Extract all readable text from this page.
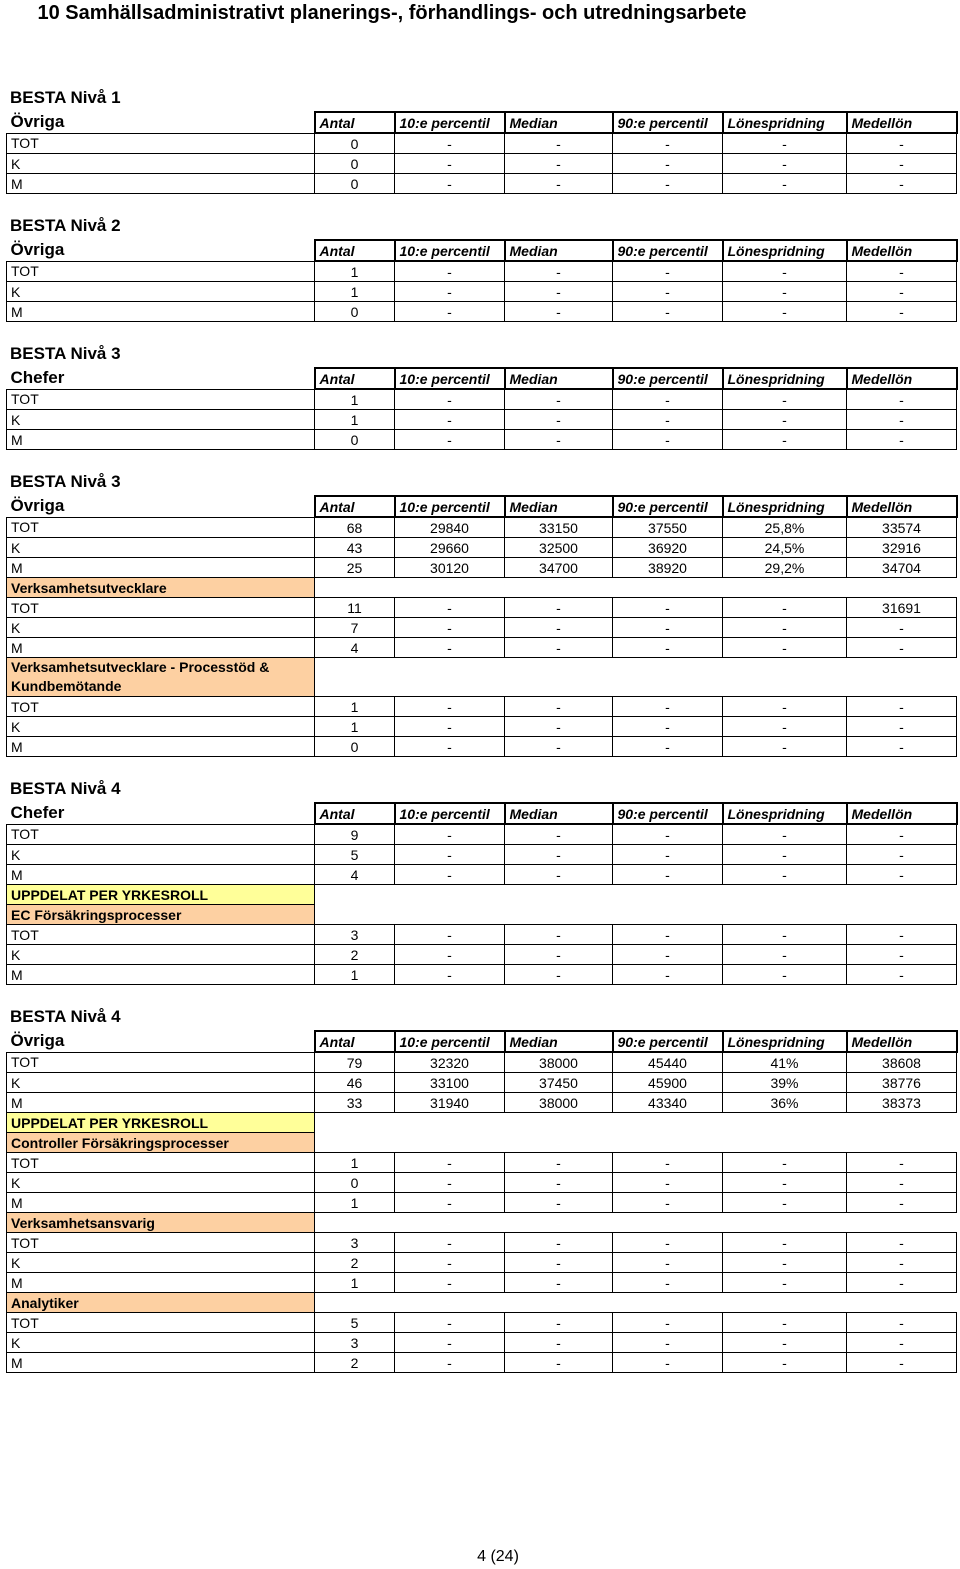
10 Samhällsadministrativt planerings-, förhandlings- och utredningsarbete
BESTA Nivå 1
Övriga	Antal	10:e percentil	Median	90:e percentil	Lönespridning	Medellön
TOT	0	-	-	-	-	-
K	0	-	-	-	-	-
M	0	-	-	-	-	-
BESTA Nivå 2
Övriga	Antal	10:e percentil	Median	90:e percentil	Lönespridning	Medellön
TOT	1	-	-	-	-	-
K	1	-	-	-	-	-
M	0	-	-	-	-	-
BESTA Nivå 3
Chefer	Antal	10:e percentil	Median	90:e percentil	Lönespridning	Medellön
TOT	1	-	-	-	-	-
K	1	-	-	-	-	-
M	0	-	-	-	-	-
BESTA Nivå 3
Övriga	Antal	10:e percentil	Median	90:e percentil	Lönespridning	Medellön
TOT	68	29840	33150	37550	25,8%	33574
K	43	29660	32500	36920	24,5%	32916
M	25	30120	34700	38920	29,2%	34704
Verksamhetsutvecklare						
TOT	11	-	-	-	-	31691
K	7	-	-	-	-	-
M	4	-	-	-	-	-
Verksamhetsutvecklare - Processtöd & Kundbemötande						
TOT	1	-	-	-	-	-
K	1	-	-	-	-	-
M	0	-	-	-	-	-
BESTA Nivå 4
Chefer	Antal	10:e percentil	Median	90:e percentil	Lönespridning	Medellön
TOT	9	-	-	-	-	-
K	5	-	-	-	-	-
M	4	-	-	-	-	-
UPPDELAT PER YRKESROLL						
EC Försäkringsprocesser						
TOT	3	-	-	-	-	-
K	2	-	-	-	-	-
M	1	-	-	-	-	-
BESTA Nivå 4
Övriga	Antal	10:e percentil	Median	90:e percentil	Lönespridning	Medellön
TOT	79	32320	38000	45440	41%	38608
K	46	33100	37450	45900	39%	38776
M	33	31940	38000	43340	36%	38373
UPPDELAT PER YRKESROLL						
Controller Försäkringsprocesser						
TOT	1	-	-	-	-	-
K	0	-	-	-	-	-
M	1	-	-	-	-	-
Verksamhetsansvarig						
TOT	3	-	-	-	-	-
K	2	-	-	-	-	-
M	1	-	-	-	-	-
Analytiker						
TOT	5	-	-	-	-	-
K	3	-	-	-	-	-
M	2	-	-	-	-	-
4 (24)
